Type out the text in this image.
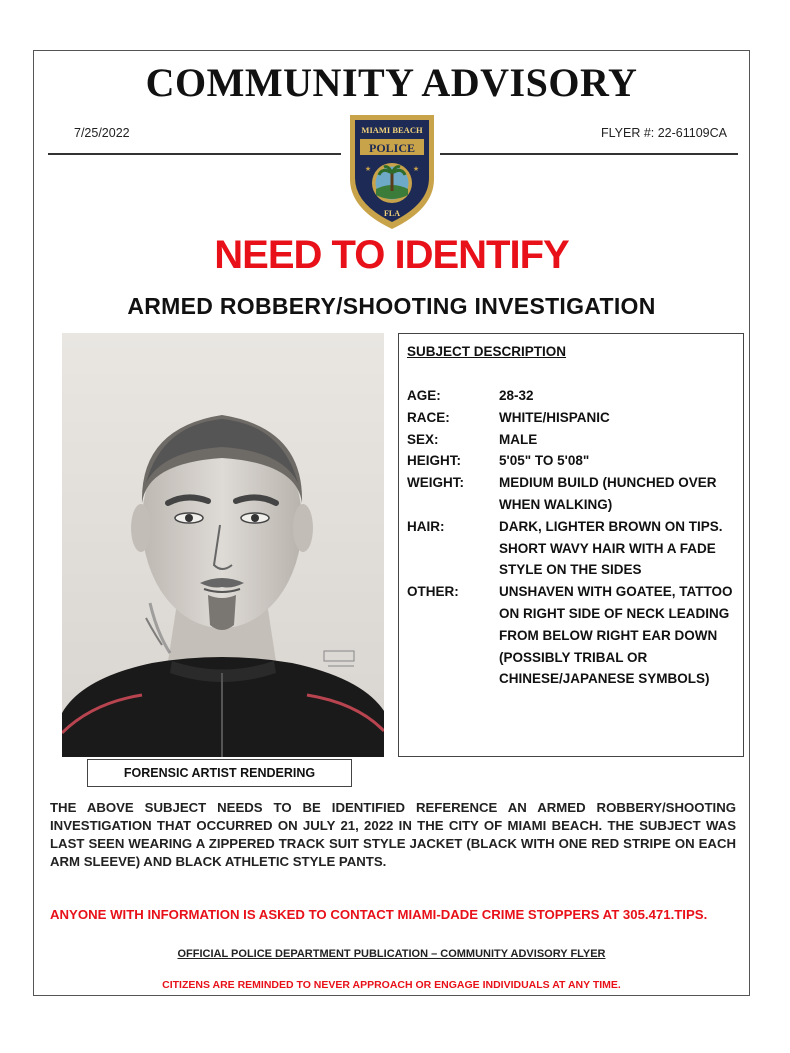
COMMUNITY ADVISORY
7/25/2022	FLYER #: 22-61109CA
MIAMI BEACH
POLICE
★	★
FLA
NEED TO IDENTIFY
ARMED ROBBERY/SHOOTING INVESTIGATION
FORENSIC ARTIST RENDERING
SUBJECT DESCRIPTION
AGE:	28-32
RACE:	WHITE/HISPANIC
SEX:	MALE
HEIGHT:	5'05" TO 5'08"
WEIGHT:	MEDIUM BUILD (HUNCHED OVER WHEN WALKING)
HAIR:	DARK, LIGHTER BROWN ON TIPS. SHORT WAVY HAIR WITH A FADE STYLE ON THE SIDES
OTHER:	UNSHAVEN WITH GOATEE, TATTOO ON RIGHT SIDE OF NECK LEADING FROM BELOW RIGHT EAR DOWN (POSSIBLY TRIBAL OR CHINESE/JAPANESE SYMBOLS)
THE ABOVE SUBJECT NEEDS TO BE IDENTIFIED REFERENCE AN ARMED ROBBERY/SHOOTING INVESTIGATION THAT OCCURRED ON JULY 21, 2022 IN THE CITY OF MIAMI BEACH. THE SUBJECT WAS LAST SEEN WEARING A ZIPPERED TRACK SUIT STYLE JACKET (BLACK WITH ONE RED STRIPE ON EACH ARM SLEEVE) AND BLACK ATHLETIC STYLE PANTS.
ANYONE WITH INFORMATION IS ASKED TO CONTACT MIAMI-DADE CRIME STOPPERS AT 305.471.TIPS.
OFFICIAL POLICE DEPARTMENT PUBLICATION – COMMUNITY ADVISORY FLYER
CITIZENS ARE REMINDED TO NEVER APPROACH OR ENGAGE INDIVIDUALS AT ANY TIME.
